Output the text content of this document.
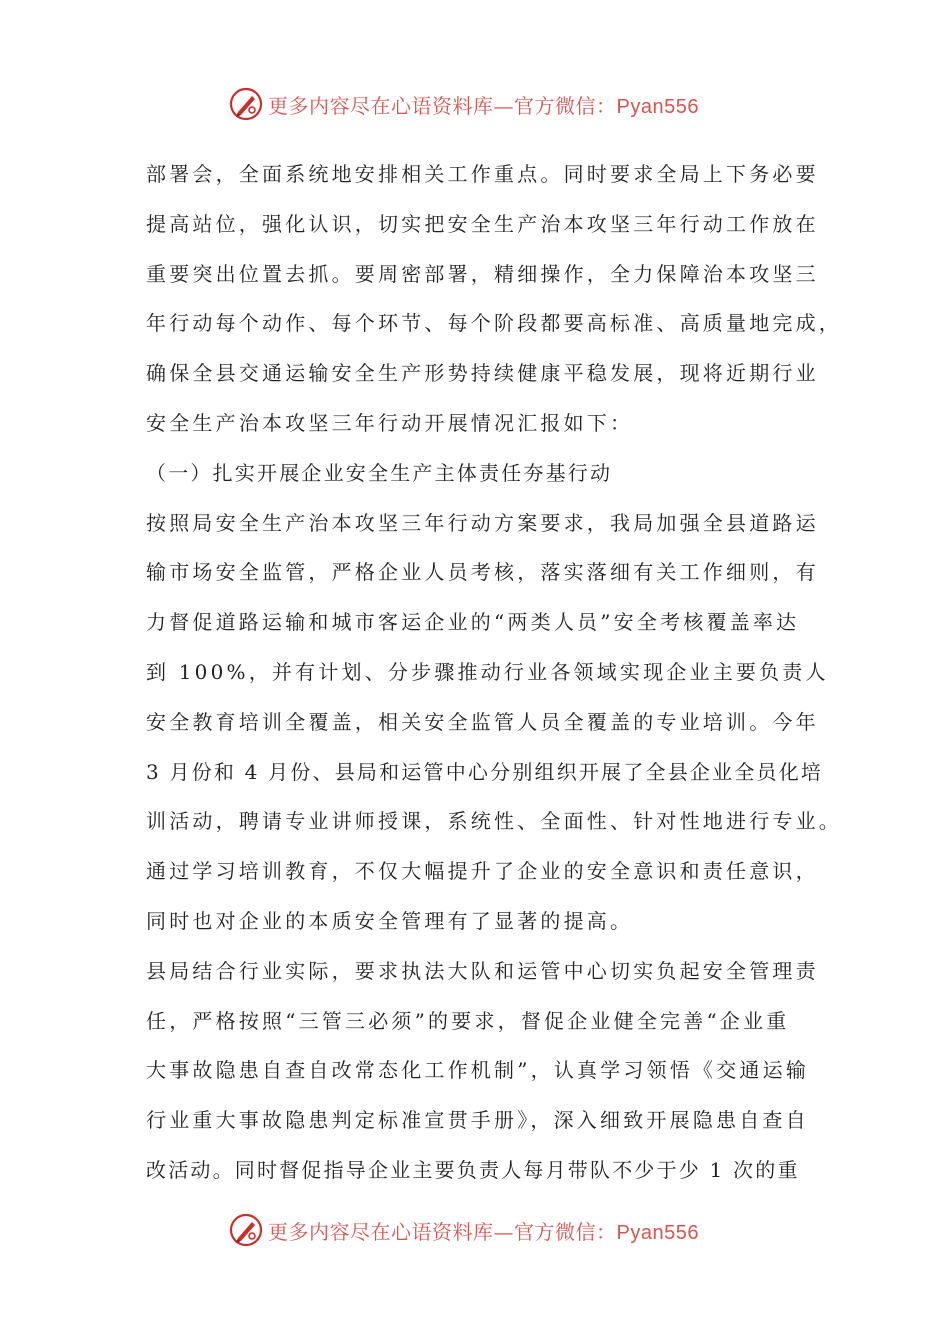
更多内容尽在心语资料库—官方微信：Pyan556
部署会，全面系统地安排相关工作重点。同时要求全局上下务必要
提高站位，强化认识，切实把安全生产治本攻坚三年行动工作放在
重要突出位置去抓。要周密部署，精细操作，全力保障治本攻坚三
年行动每个动作、每个环节、每个阶段都要高标准、高质量地完成，
确保全县交通运输安全生产形势持续健康平稳发展，现将近期行业
安全生产治本攻坚三年行动开展情况汇报如下：
（一）扎实开展企业安全生产主体责任夯基行动
按照局安全生产治本攻坚三年行动方案要求，我局加强全县道路运
输市场安全监管，严格企业人员考核，落实落细有关工作细则，有
力督促道路运输和城市客运企业的“两类人员”安全考核覆盖率达
到 100%，并有计划、分步骤推动行业各领域实现企业主要负责人
安全教育培训全覆盖，相关安全监管人员全覆盖的专业培训。今年
3 月份和 4 月份、县局和运管中心分别组织开展了全县企业全员化培
训活动，聘请专业讲师授课，系统性、全面性、针对性地进行专业。
通过学习培训教育，不仅大幅提升了企业的安全意识和责任意识，
同时也对企业的本质安全管理有了显著的提高。
县局结合行业实际，要求执法大队和运管中心切实负起安全管理责
任，严格按照“三管三必须”的要求，督促企业健全完善“企业重
大事故隐患自查自改常态化工作机制”，认真学习领悟《交通运输
行业重大事故隐患判定标准宣贯手册》，深入细致开展隐患自查自
改活动。同时督促指导企业主要负责人每月带队不少于少 1 次的重
更多内容尽在心语资料库—官方微信：Pyan556
